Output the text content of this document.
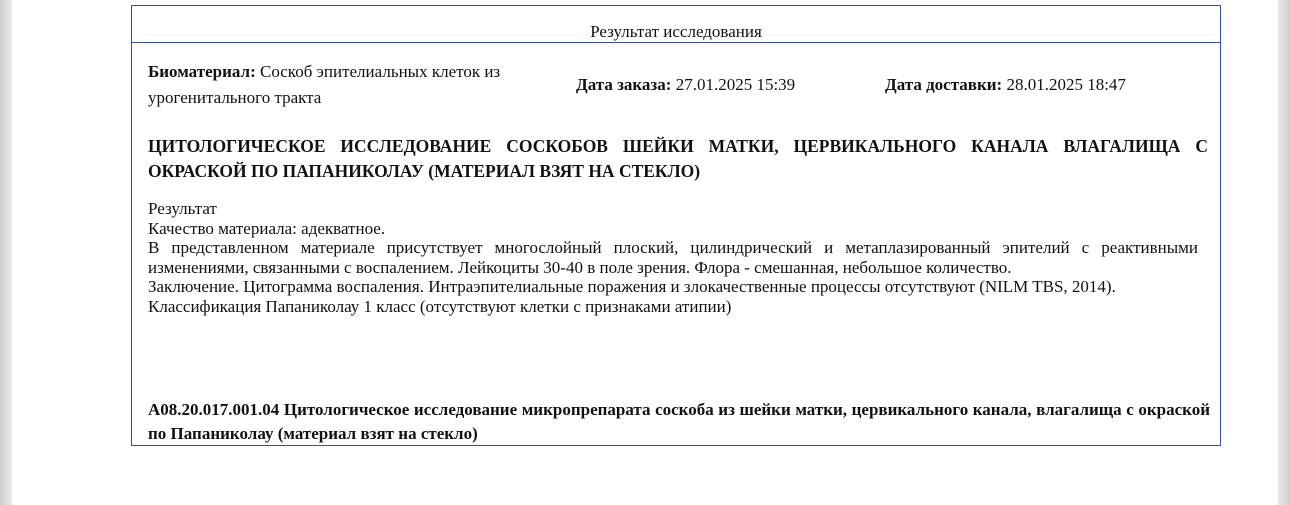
Результат исследования
Биоматериал: Соскоб эпителиальных клеток из урогенитального тракта
Дата заказа: 27.01.2025 15:39	Дата доставки: 28.01.2025 18:47
ЦИТОЛОГИЧЕСКОЕ ИССЛЕДОВАНИЕ СОСКОБОВ ШЕЙКИ МАТКИ, ЦЕРВИКАЛЬНОГО КАНАЛА ВЛАГАЛИЩА С ОКРАСКОЙ ПО ПАПАНИКОЛАУ (МАТЕРИАЛ ВЗЯТ НА СТЕКЛО)

Результат

Качество материала: адекватное.

В представленном материале присутствует многослойный плоский, цилиндрический и метаплазированный эпителий с реактивными изменениями, связанными с воспалением. Лейкоциты 30-40 в поле зрения. Флора - смешанная, небольшое количество.

Заключение. Цитограмма воспаления. Интраэпителиальные поражения и злокачественные процессы отсутствуют (NILM TBS, 2014).

Классификация Папаниколау 1 класс (отсутствуют клетки с признаками атипии)

A08.20.017.001.04 Цитологическое исследование микропрепарата соскоба из шейки матки, цервикального канала, влагалища с окраской по Папаниколау (материал взят на стекло)
